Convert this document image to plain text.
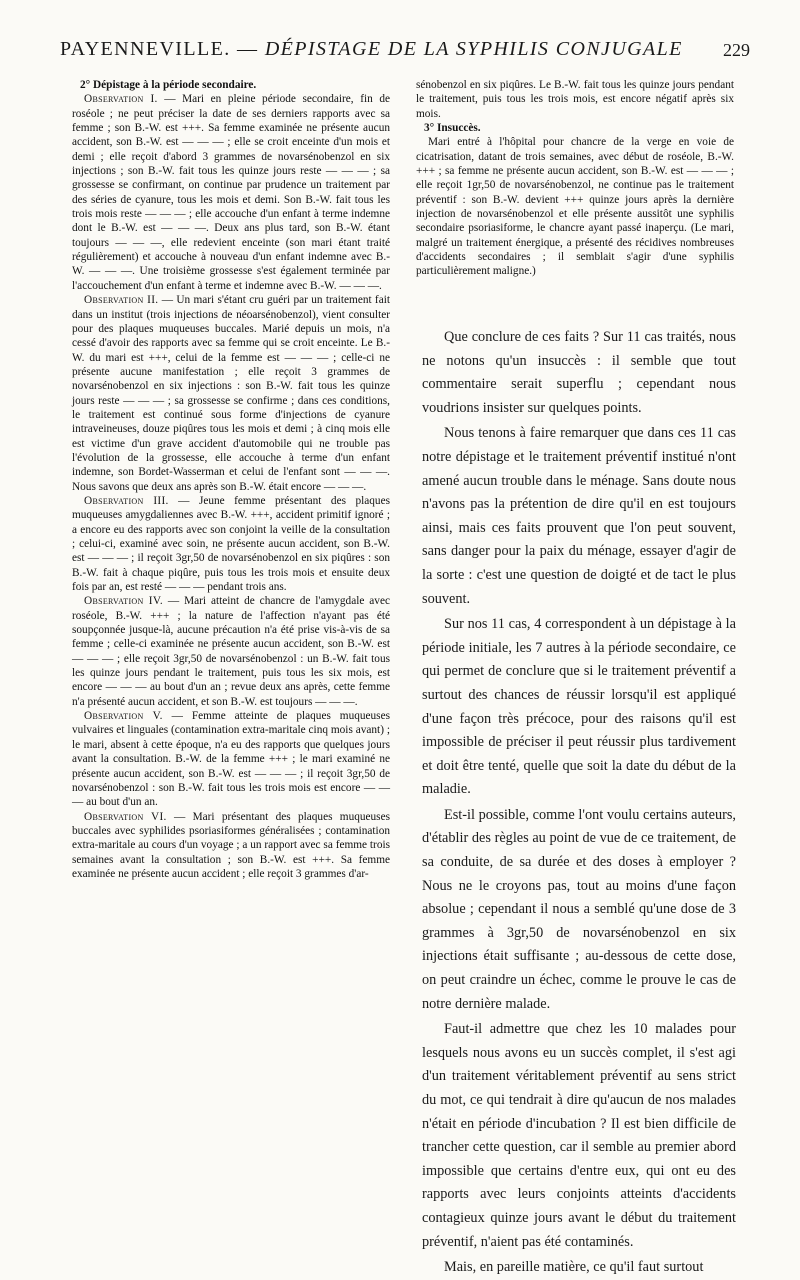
PAYENNEVILLE. — DÉPISTAGE DE LA SYPHILIS CONJUGALE 229

2° Dépistage à la période secondaire.

Observation I. — Mari en pleine période secondaire, fin de roséole ; ne peut préciser la date de ses derniers rapports avec sa femme ; son B.-W. est +++. Sa femme examinée ne présente aucun accident, son B.-W. est — — — ; elle se croit enceinte d'un mois et demi ; elle reçoit d'abord 3 grammes de novarsénobenzol en six injections ; son B.-W. fait tous les quinze jours reste — — — ; sa grossesse se confirmant, on continue par prudence un traitement par des séries de cyanure, tous les mois et demi. Son B.-W. fait tous les trois mois reste — — — ; elle accouche d'un enfant à terme indemne dont le B.-W. est — — —. Deux ans plus tard, son B.-W. étant toujours — — —, elle redevient enceinte (son mari étant traité régulièrement) et accouche à nouveau d'un enfant indemne avec B.-W. — — —. Une troisième grossesse s'est également terminée par l'accouchement d'un enfant à terme et indemne avec B.-W. — — —.

Observation II. — Un mari s'étant cru guéri par un traitement fait dans un institut (trois injections de néoarsénobenzol), vient consulter pour des plaques muqueuses buccales. Marié depuis un mois, n'a cessé d'avoir des rapports avec sa femme qui se croit enceinte. Le B.-W. du mari est +++, celui de la femme est — — — ; celle-ci ne présente aucune manifestation ; elle reçoit 3 grammes de novarsénobenzol en six injections : son B.-W. fait tous les quinze jours reste — — — ; sa grossesse se confirme ; dans ces conditions, le traitement est continué sous forme d'injections de cyanure intraveineuses, douze piqûres tous les mois et demi ; à cinq mois elle est victime d'un grave accident d'automobile qui ne trouble pas l'évolution de la grossesse, elle accouche à terme d'un enfant indemne, son Bordet-Wasserman et celui de l'enfant sont — — —. Nous savons que deux ans après son B.-W. était encore — — —.

Observation III. — Jeune femme présentant des plaques muqueuses amygdaliennes avec B.-W. +++, accident primitif ignoré ; a encore eu des rapports avec son conjoint la veille de la consultation ; celui-ci, examiné avec soin, ne présente aucun accident, son B.-W. est — — — ; il reçoit 3gr,50 de novarsénobenzol en six piqûres : son B.-W. fait à chaque piqûre, puis tous les trois mois et ensuite deux fois par an, est resté — — — pendant trois ans.

Observation IV. — Mari atteint de chancre de l'amygdale avec roséole, B.-W. +++ ; la nature de l'affection n'ayant pas été soupçonnée jusque-là, aucune précaution n'a été prise vis-à-vis de sa femme ; celle-ci examinée ne présente aucun accident, son B.-W. est — — — ; elle reçoit 3gr,50 de novarsénobenzol : un B.-W. fait tous les quinze jours pendant le traitement, puis tous les six mois, est encore — — — au bout d'un an ; revue deux ans après, cette femme n'a présenté aucun accident, et son B.-W. est toujours — — —.

Observation V. — Femme atteinte de plaques muqueuses vulvaires et linguales (contamination extra-maritale cinq mois avant) ; le mari, absent à cette époque, n'a eu des rapports que quelques jours avant la consultation. B.-W. de la femme +++ ; le mari examiné ne présente aucun accident, son B.-W. est — — — ; il reçoit 3gr,50 de novarsénobenzol : son B.-W. fait tous les trois mois est encore — — — au bout d'un an.

Observation VI. — Mari présentant des plaques muqueuses buccales avec syphilides psoriasiformes généralisées ; contamination extra-maritale au cours d'un voyage ; a un rapport avec sa femme trois semaines avant la consultation ; son B.-W. est +++. Sa femme examinée ne présente aucun accident ; elle reçoit 3 grammes d'ar-

sénobenzol en six piqûres. Le B.-W. fait tous les quinze jours pendant le traitement, puis tous les trois mois, est encore négatif après six mois.

3° Insuccès.

Mari entré à l'hôpital pour chancre de la verge en voie de cicatrisation, datant de trois semaines, avec début de roséole, B.-W. +++ ; sa femme ne présente aucun accident, son B.-W. est — — — ; elle reçoit 1gr,50 de novarsénobenzol, ne continue pas le traitement préventif : son B.-W. devient +++ quinze jours après la dernière injection de novarsénobenzol et elle présente aussitôt une syphilis secondaire psoriasiforme, le chancre ayant passé inaperçu. (Le mari, malgré un traitement énergique, a présenté des récidives nombreuses d'accidents secondaires ; il semblait s'agir d'une syphilis particulièrement maligne.)

Que conclure de ces faits ? Sur 11 cas traités, nous ne notons qu'un insuccès : il semble que tout commentaire serait superflu ; cependant nous voudrions insister sur quelques points.

Nous tenons à faire remarquer que dans ces 11 cas notre dépistage et le traitement préventif institué n'ont amené aucun trouble dans le ménage. Sans doute nous n'avons pas la prétention de dire qu'il en est toujours ainsi, mais ces faits prouvent que l'on peut souvent, sans danger pour la paix du ménage, essayer d'agir de la sorte : c'est une question de doigté et de tact le plus souvent.

Sur nos 11 cas, 4 correspondent à un dépistage à la période initiale, les 7 autres à la période secondaire, ce qui permet de conclure que si le traitement préventif a surtout des chances de réussir lorsqu'il est appliqué d'une façon très précoce, pour des raisons qu'il est impossible de préciser il peut réussir plus tardivement et doit être tenté, quelle que soit la date du début de la maladie.

Est-il possible, comme l'ont voulu certains auteurs, d'établir des règles au point de vue de ce traitement, de sa conduite, de sa durée et des doses à employer ? Nous ne le croyons pas, tout au moins d'une façon absolue ; cependant il nous a semblé qu'une dose de 3 grammes à 3gr,50 de novarsénobenzol en six injections était suffisante ; au-dessous de cette dose, on peut craindre un échec, comme le prouve le cas de notre dernière malade.

Faut-il admettre que chez les 10 malades pour lesquels nous avons eu un succès complet, il s'est agi d'un traitement véritablement préventif au sens strict du mot, ce qui tendrait à dire qu'aucun de nos malades n'était en période d'incubation ? Il est bien difficile de trancher cette question, car il semble au premier abord impossible que certains d'entre eux, qui ont eu des rapports avec leurs conjoints atteints d'accidents contagieux quinze jours avant le début du traitement préventif, n'aient pas été contaminés.

Mais, en pareille matière, ce qu'il faut surtout
